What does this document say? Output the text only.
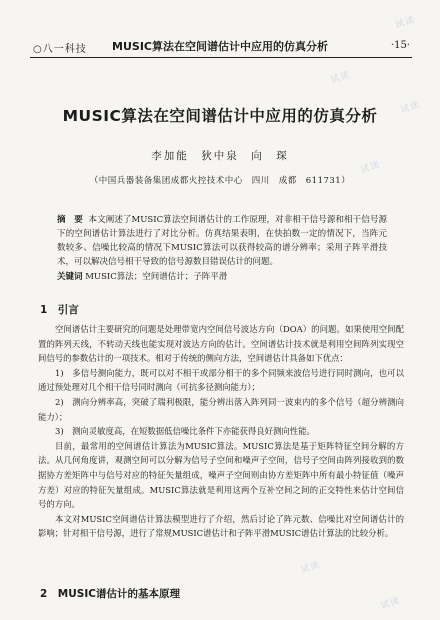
○八一科技	MUSIC算法在空间谱估计中应用的仿真分析	·15·
MUSIC算法在空间谱估计中应用的仿真分析
李加能　狄中泉　向　琛
（中国兵器装备集团成都火控技术中心　四川　成都　611731）
摘　要 本文阐述了MUSIC算法空间谱估计的工作原理，对非相干信号源和相干信号源下的空间谱估计算法进行了对比分析。仿真结果表明，在快拍数一定的情况下，当阵元数较多、信噪比较高的情况下MUSIC算法可以获得较高的谱分辨率；采用子阵平滑技术，可以解决信号相干导致的信号源数目错误估计的问题。
关键词 MUSIC算法；空间谱估计；子阵平滑
1　引言

空间谱估计主要研究的问题是处理带宽内空间信号波达方向（DOA）的问题。如果使用空间配置的阵列天线，不转动天线也能实现对波达方向的估计。空间谱估计技术就是利用空间阵列实现空间信号的参数估计的一项技术。相对于传统的侧向方法，空间谱估计具备如下优点：

1)　多信号测向能力，既可以对不相干或部分相干的多个同频来波信号进行同时测向，也可以通过预处理对几个相干信号同时测向（可抗多径测向能力）；

2)　测向分辨率高，突破了瑞利极限，能分辨出落入阵列同一波束内的多个信号（超分辨测向能力）；

3)　测向灵敏度高，在短数据低信噪比条件下亦能获得良好测向性能。

目前，最常用的空间谱估计算法为MUSIC算法。MUSIC算法是基于矩阵特征空间分解的方法。从几何角度讲，观测空间可以分解为信号子空间和噪声子空间，信号子空间由阵列接收到的数据协方差矩阵中与信号对应的特征矢量组成，噪声子空间则由协方差矩阵中所有最小特征值（噪声方差）对应的特征矢量组成。MUSIC算法就是利用这两个互补空间之间的正交特性来估计空间信号的方向。

本文对MUSIC空间谱估计算法模型进行了介绍，然后讨论了阵元数、信噪比对空间谱估计的影响；针对相干信号源，进行了常规MUSIC谱估计和子阵平滑MUSIC谱估计算法的比较分析。

2　MUSIC谱估计的基本原理
试读
试读
试读
试读
试读
试读
